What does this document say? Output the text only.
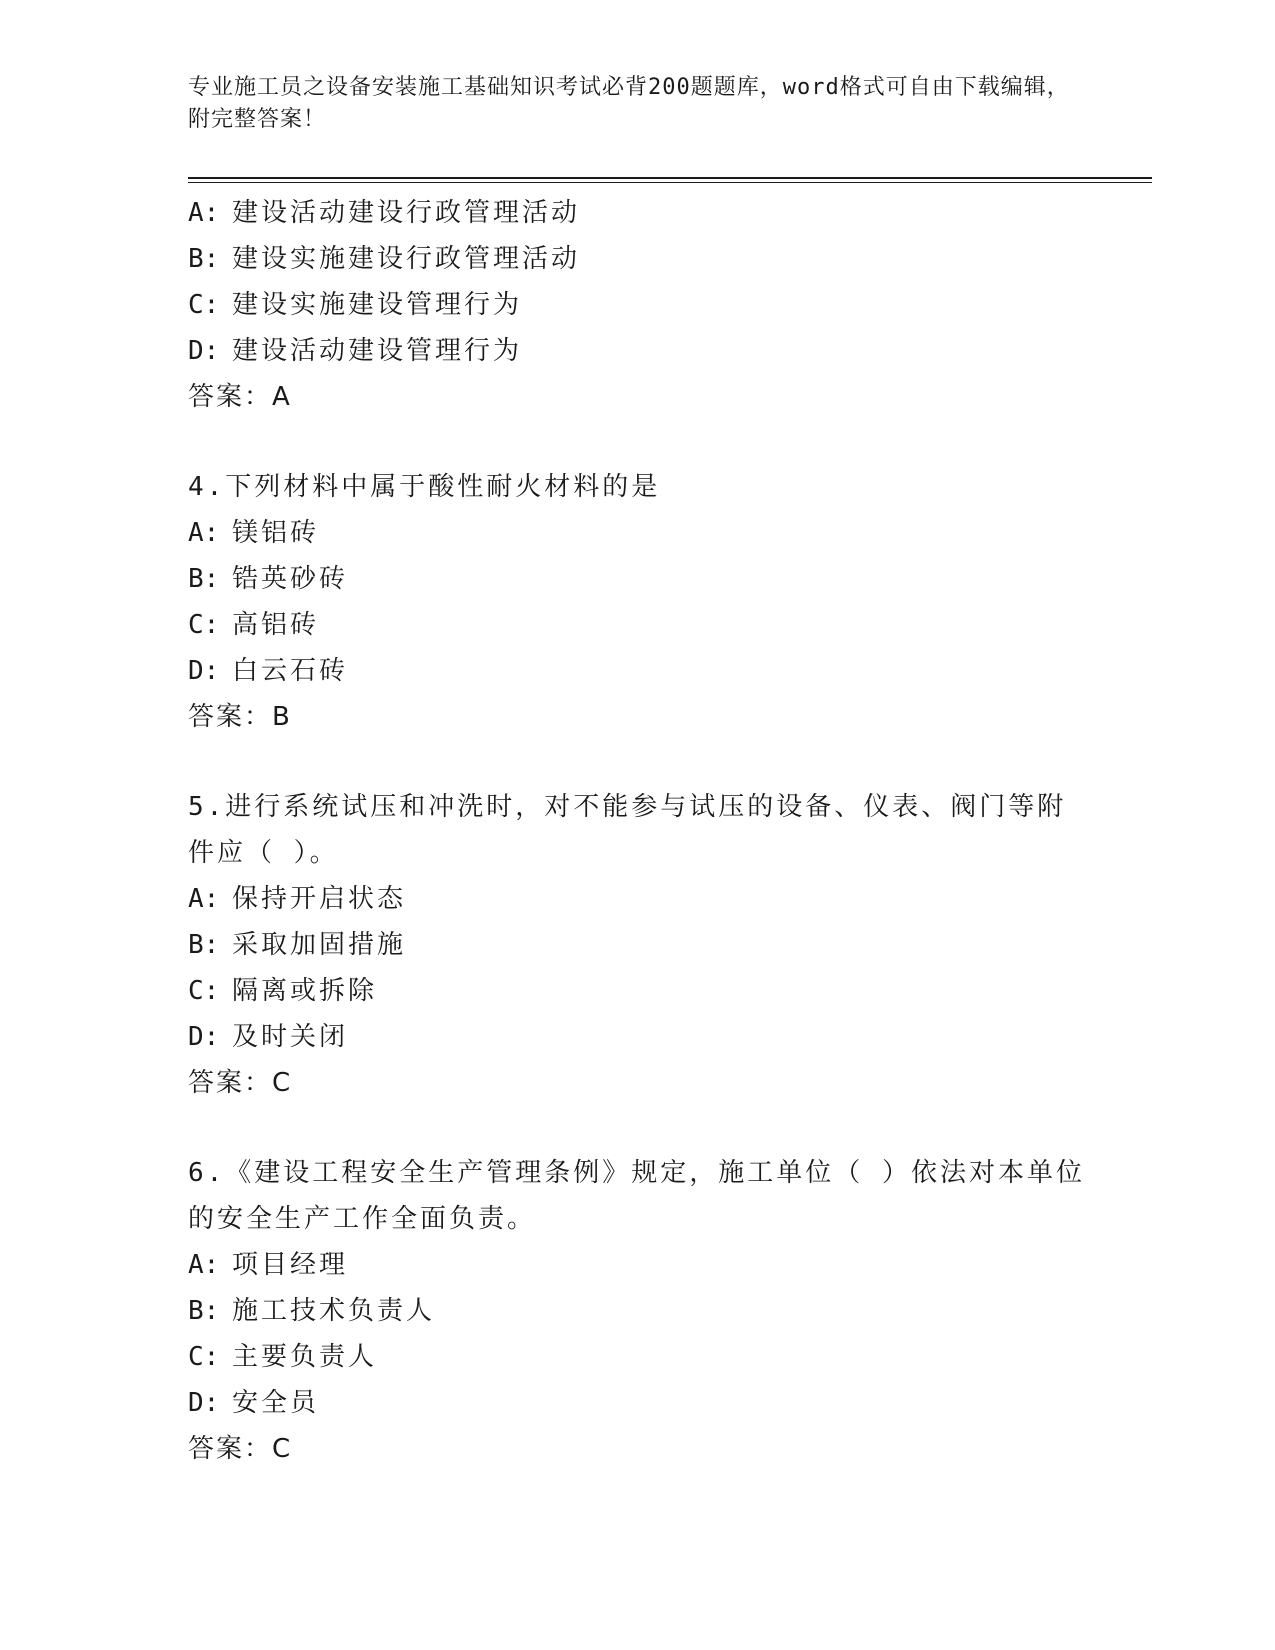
专业施工员之设备安装施工基础知识考试必背200题题库，word格式可自由下载编辑，附完整答案！
A: 建设活动建设行政管理活动
B: 建设实施建设行政管理活动
C: 建设实施建设管理行为
D: 建设活动建设管理行为
答案：A
4.下列材料中属于酸性耐火材料的是
A: 镁铝砖
B: 锆英砂砖
C: 高铝砖
D: 白云石砖
答案：B
5.进行系统试压和冲洗时，对不能参与试压的设备、仪表、阀门等附
件应（ ）。
A: 保持开启状态
B: 采取加固措施
C: 隔离或拆除
D: 及时关闭
答案：C
6.《建设工程安全生产管理条例》规定，施工单位（ ）依法对本单位
的安全生产工作全面负责。
A: 项目经理
B: 施工技术负责人
C: 主要负责人
D: 安全员
答案：C
